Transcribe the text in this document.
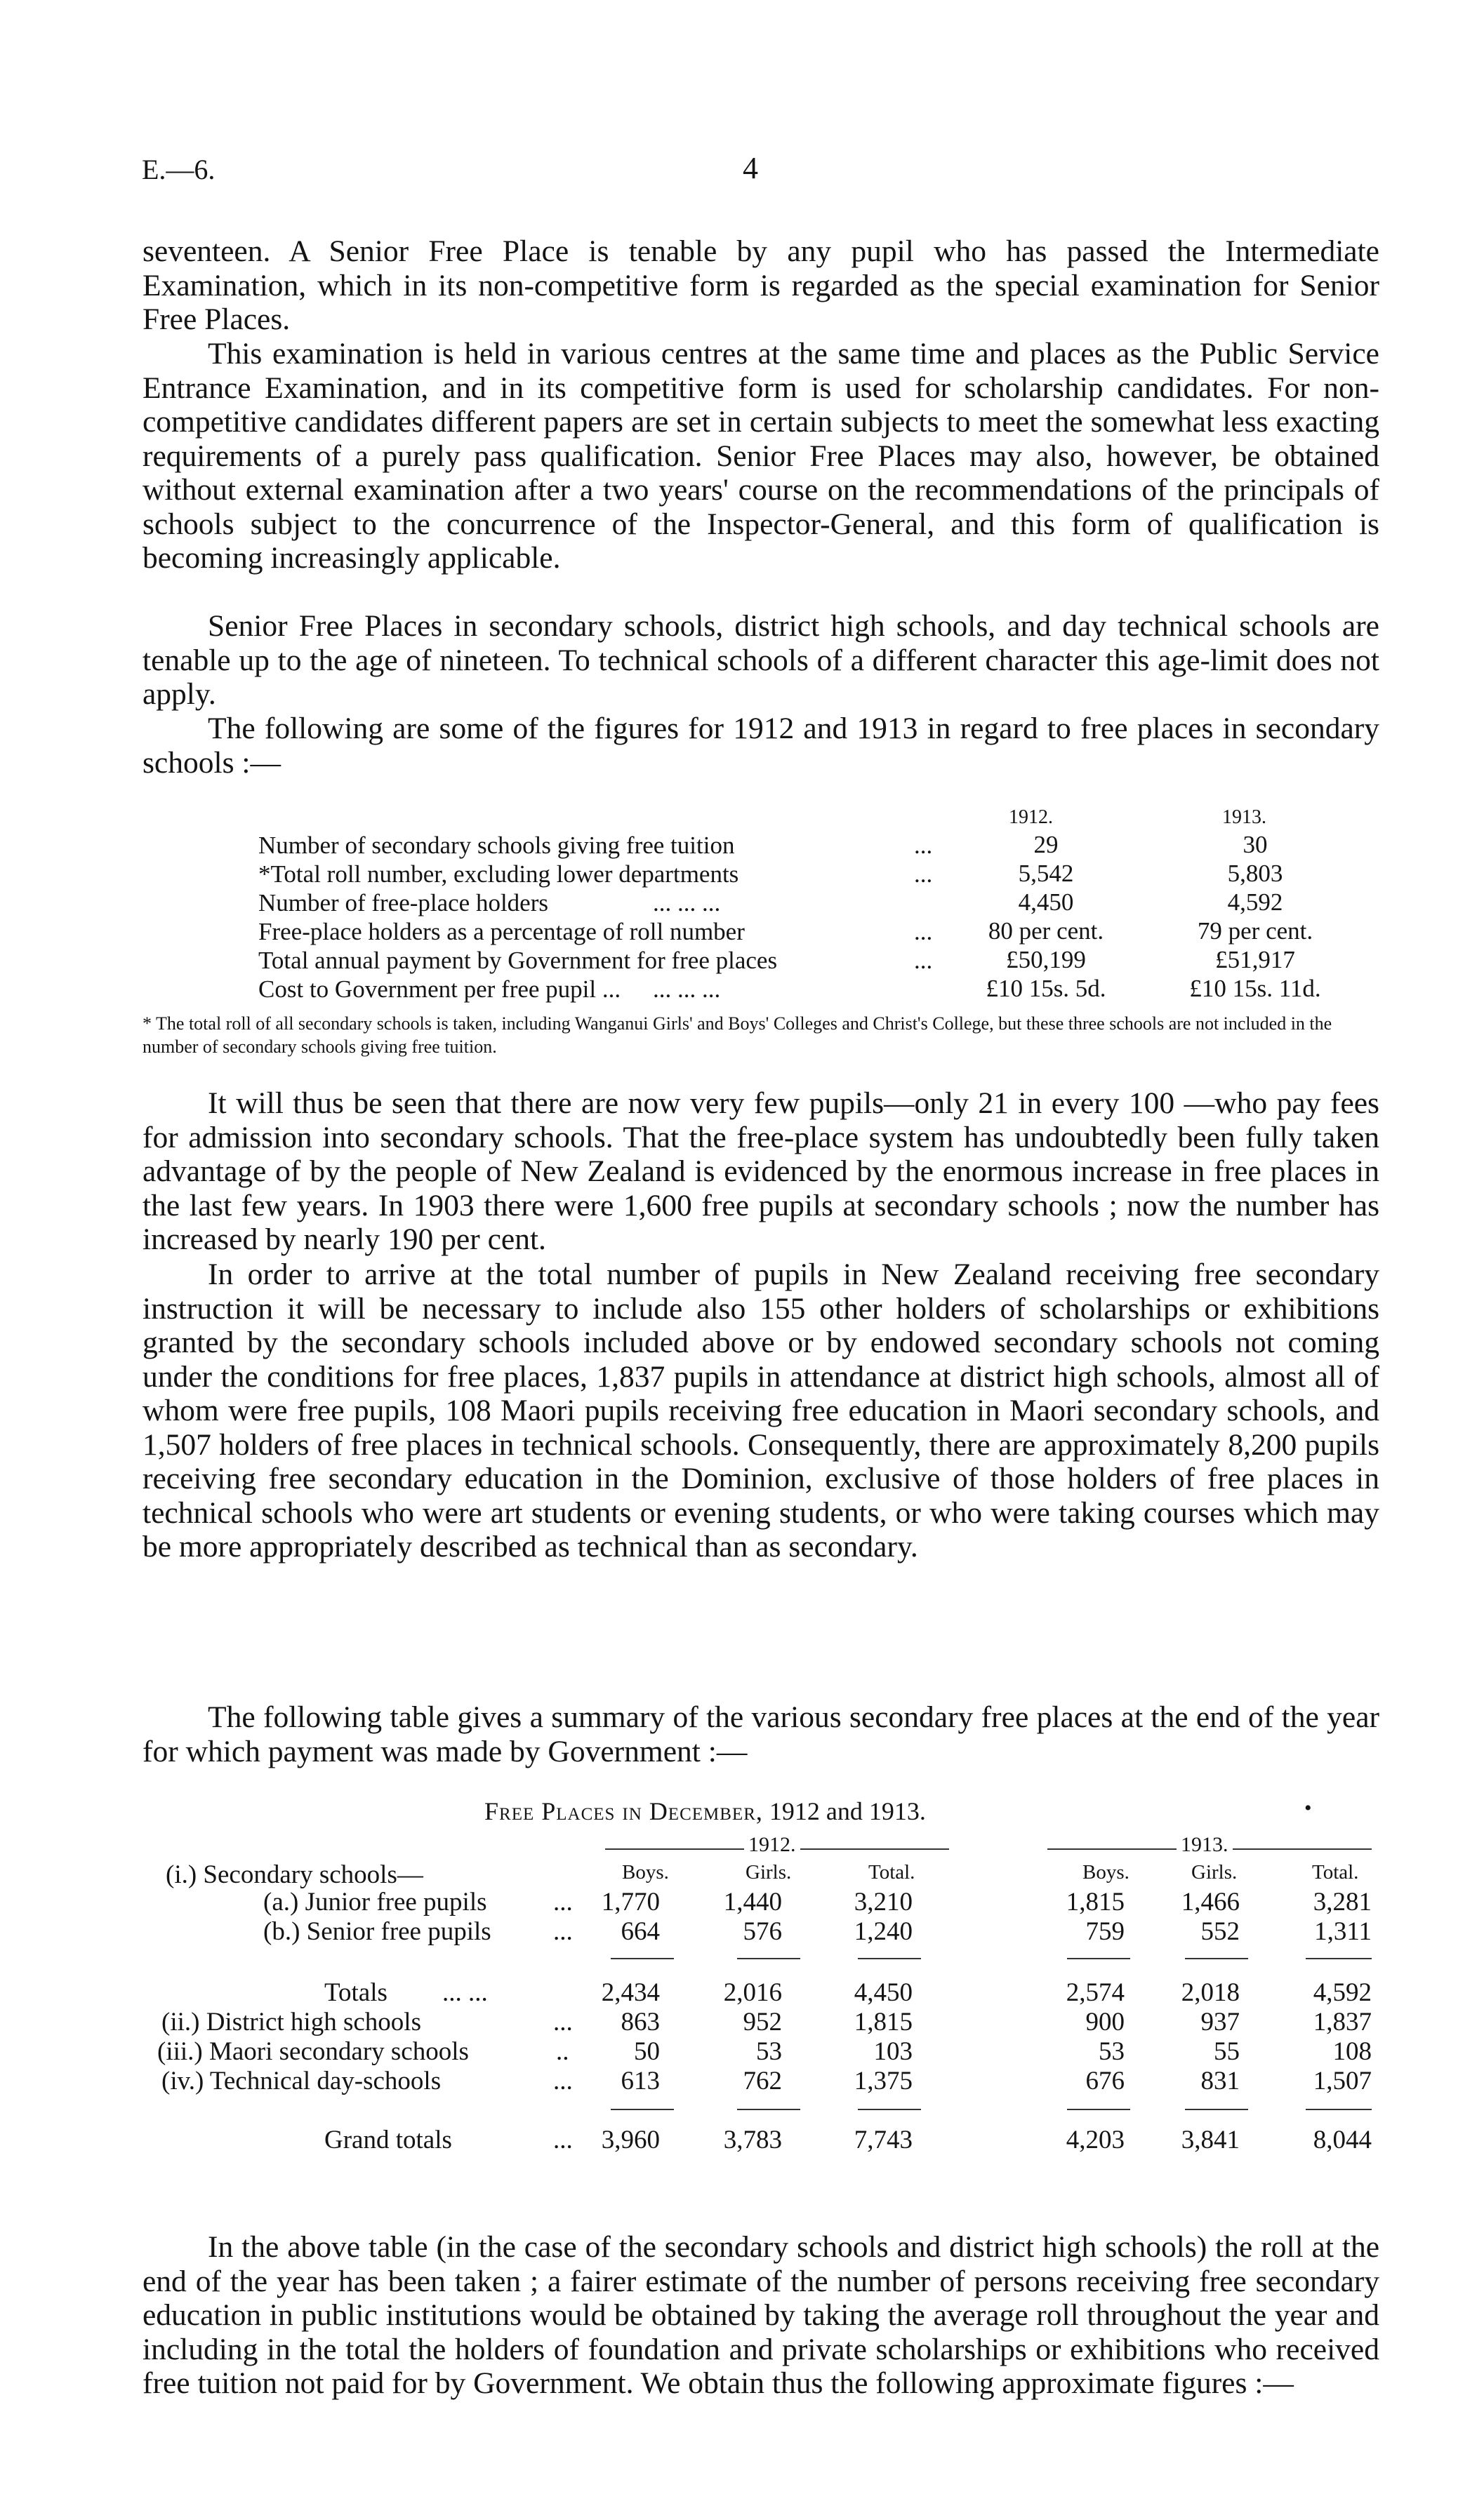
E.—6.	4

seventeen. A Senior Free Place is tenable by any pupil who has passed the Intermediate Examination, which in its non-competitive form is regarded as the special examination for Senior Free Places.

This examination is held in various centres at the same time and places as the Public Service Entrance Examination, and in its competitive form is used for scholarship candidates. For non-competitive candidates different papers are set in certain subjects to meet the somewhat less exacting requirements of a purely pass qualification. Senior Free Places may also, however, be obtained without external examination after a two years' course on the recommendations of the principals of schools subject to the concurrence of the Inspector-General, and this form of qualification is becoming increasingly applicable.

Senior Free Places in secondary schools, district high schools, and day technical schools are tenable up to the age of nineteen. To technical schools of a different character this age-limit does not apply.

The following are some of the figures for 1912 and 1913 in regard to free places in secondary schools :—

1912.	1913.
Number of secondary schools giving free tuition	...	29	30
*Total roll number, excluding lower departments	...	5,542	5,803
Number of free-place holders	... ... ...	4,450	4,592
Free-place holders as a percentage of roll number	...	80 per cent.	79 per cent.
Total annual payment by Government for free places	...	£50,199	£51,917
Cost to Government per free pupil ... ... ... ...	£10 15s. 5d.	£10 15s. 11d.

* The total roll of all secondary schools is taken, including Wanganui Girls' and Boys' Colleges and Christ's College, but these three schools are not included in the number of secondary schools giving free tuition.

It will thus be seen that there are now very few pupils—only 21 in every 100 —who pay fees for admission into secondary schools. That the free-place system has undoubtedly been fully taken advantage of by the people of New Zealand is evidenced by the enormous increase in free places in the last few years. In 1903 there were 1,600 free pupils at secondary schools ; now the number has increased by nearly 190 per cent.

In order to arrive at the total number of pupils in New Zealand receiving free secondary instruction it will be necessary to include also 155 other holders of scholarships or exhibitions granted by the secondary schools included above or by endowed secondary schools not coming under the conditions for free places, 1,837 pupils in attendance at district high schools, almost all of whom were free pupils, 108 Maori pupils receiving free education in Maori secondary schools, and 1,507 holders of free places in technical schools. Consequently, there are approximately 8,200 pupils receiving free secondary education in the Dominion, exclusive of those holders of free places in technical schools who were art students or evening students, or who were taking courses which may be more appropriately described as technical than as secondary.

The following table gives a summary of the various secondary free places at the end of the year for which payment was made by Government :—

Free Places in December, 1912 and 1913.	•
1912.	1913.
Boys.	Girls.	Total.	Boys.	Girls.	Total.
(i.) Secondary schools—
(a.) Junior free pupils	...	1,770	1,440	3,210	1,815	1,466	3,281
(b.) Senior free pupils ...	664	576	1,240	759	552	1,311
Totals ... ...	2,434	2,016	4,450	2,574	2,018	4,592
(ii.) District high schools	...	863	952	1,815	900	937	1,837
(iii.) Maori secondary schools	..	50	53	103	53	55	108
(iv.) Technical day-schools	...	613	762	1,375	676	831	1,507
Grand totals	...	3,960	3,783	7,743	4,203	3,841	8,044

In the above table (in the case of the secondary schools and district high schools) the roll at the end of the year has been taken ; a fairer estimate of the number of persons receiving free secondary education in public institutions would be obtained by taking the average roll throughout the year and including in the total the holders of foundation and private scholarships or exhibitions who received free tuition not paid for by Government. We obtain thus the following approximate figures :—
